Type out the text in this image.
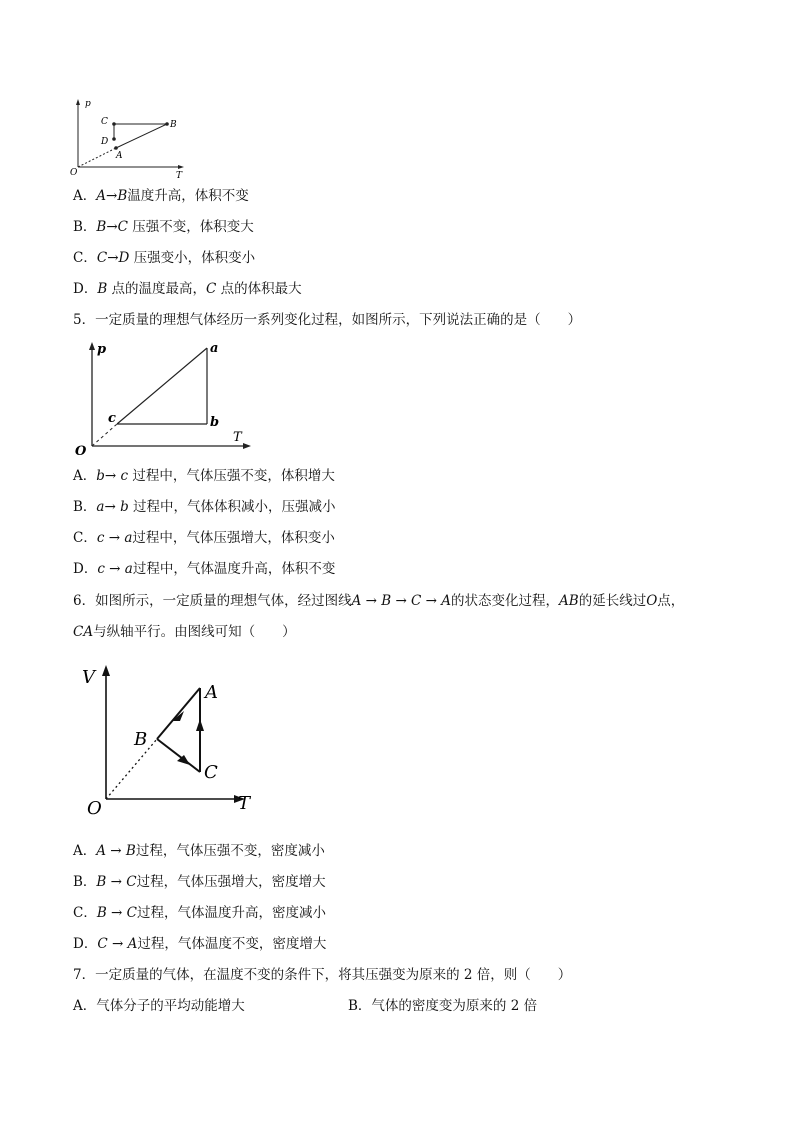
p
T
O
A
B
C
D
A．A→B温度升高，体积不变
B．B→C 压强不变，体积变大
C．C→D 压强变小，体积变小
D．B 点的温度最高，C 点的体积最大
5．一定质量的理想气体经历一系列变化过程，如图所示，下列说法正确的是（　　）
p
T
O
a
b
c
A．b→ c 过程中，气体压强不变，体积增大
B．a→ b 过程中，气体体积减小，压强减小
C．c → a过程中，气体压强增大，体积变小
D．c → a过程中，气体温度升高，体积不变
6．如图所示，一定质量的理想气体，经过图线A → B → C → A的状态变化过程，AB的延长线过O点，
CA与纵轴平行。由图线可知（　　）
V
T
O
A
B
C
A．A → B过程，气体压强不变，密度减小
B．B → C过程，气体压强增大，密度增大
C．B → C过程，气体温度升高，密度减小
D．C → A过程，气体温度不变，密度增大
7．一定质量的气体，在温度不变的条件下，将其压强变为原来的 2 倍，则（　　）
A．气体分子的平均动能增大	B．气体的密度变为原来的 2 倍
